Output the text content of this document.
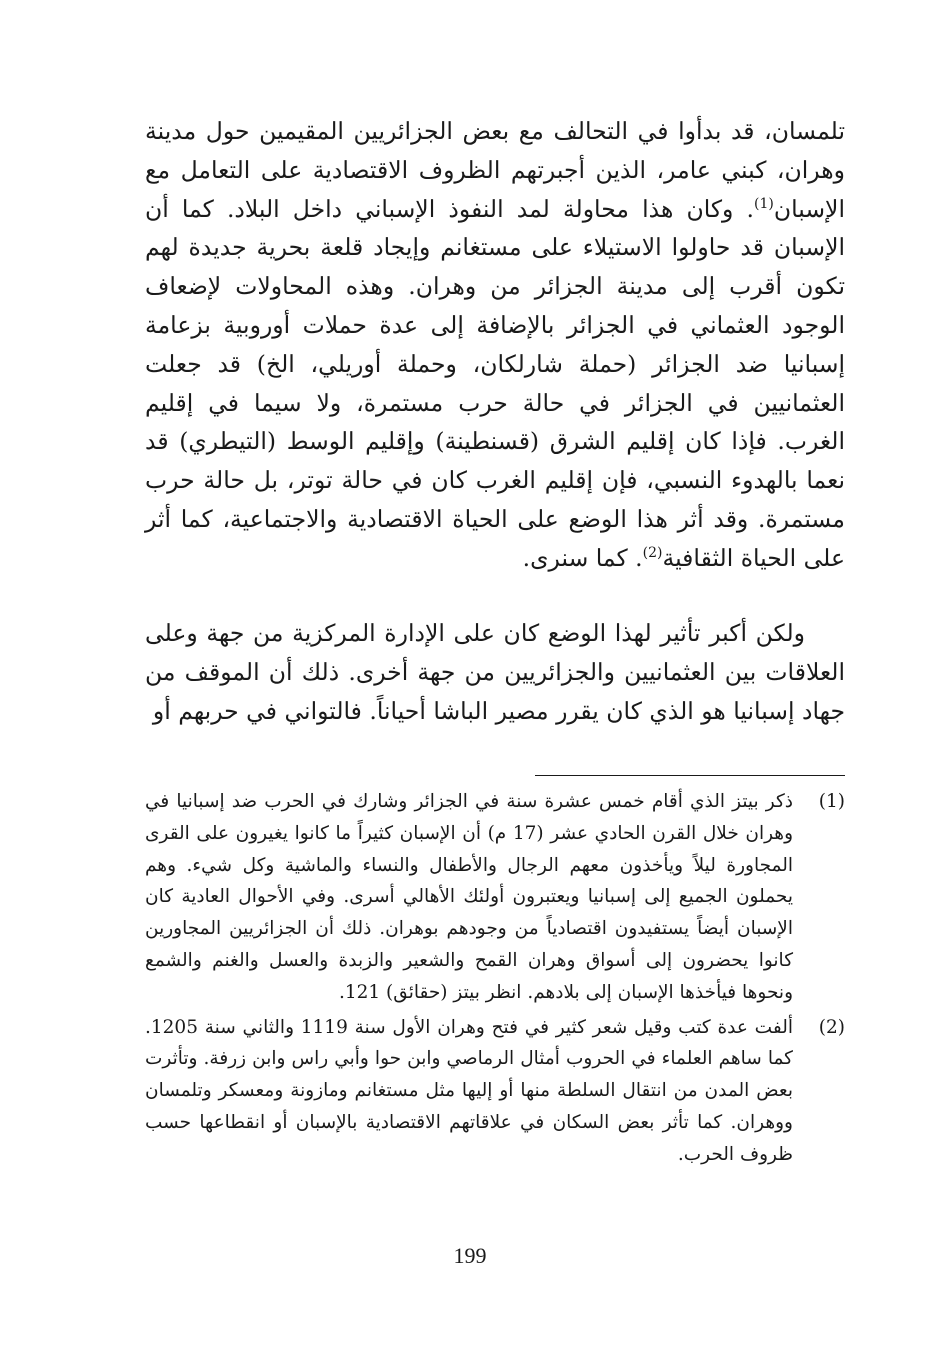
تلمسان، قد بدأوا في التحالف مع بعض الجزائريين المقيمين حول مدينة وهران، كبني عامر، الذين أجبرتهم الظروف الاقتصادية على التعامل مع الإسبان$^{(1)}$. وكان هذا محاولة لمد النفوذ الإسباني داخل البلاد. كما أن الإسبان قد حاولوا الاستيلاء على مستغانم وإيجاد قلعة بحرية جديدة لهم تكون أقرب إلى مدينة الجزائر من وهران. وهذه المحاولات لإضعاف الوجود العثماني في الجزائر بالإضافة إلى عدة حملات أوروبية بزعامة إسبانيا ضد الجزائر (حملة شارلكان، وحملة أوريلي، الخ) قد جعلت العثمانيين في الجزائر في حالة حرب مستمرة، ولا سيما في إقليم الغرب. فإذا كان إقليم الشرق (قسنطينة) وإقليم الوسط (التيطري) قد نعما بالهدوء النسبي، فإن إقليم الغرب كان في حالة توتر، بل حالة حرب مستمرة. وقد أثر هذا الوضع على الحياة الاقتصادية والاجتماعية، كما أثر على الحياة الثقافية$^{(2)}$. كما سنرى.

ولكن أكبر تأثير لهذا الوضع كان على الإدارة المركزية من جهة وعلى العلاقات بين العثمانيين والجزائريين من جهة أخرى. ذلك أن الموقف من جهاد إسبانيا هو الذي كان يقرر مصير الباشا أحياناً. فالتواني في حربهم أو

(1)
ذكر بيتز الذي أقام خمس عشرة سنة في الجزائر وشارك في الحرب ضد إسبانيا في وهران خلال القرن الحادي عشر (17 م) أن الإسبان كثيراً ما كانوا يغيرون على القرى المجاورة ليلاً ويأخذون معهم الرجال والأطفال والنساء والماشية وكل شيء. وهم يحملون الجميع إلى إسبانيا ويعتبرون أولئك الأهالي أسرى. وفي الأحوال العادية كان الإسبان أيضاً يستفيدون اقتصادياً من وجودهم بوهران. ذلك أن الجزائريين المجاورين كانوا يحضرون إلى أسواق وهران القمح والشعير والزبدة والعسل والغنم والشمع ونحوها فيأخذها الإسبان إلى بلادهم. انظر بيتز (حقائق) 121.
(2)
ألفت عدة كتب وقيل شعر كثير في فتح وهران الأول سنة 1119 والثاني سنة 1205. كما ساهم العلماء في الحروب أمثال الرماصي وابن حوا وأبي راس وابن زرفة. وتأثرت بعض المدن من انتقال السلطة منها أو إليها مثل مستغانم ومازونة ومعسكر وتلمسان ووهران. كما تأثر بعض السكان في علاقاتهم الاقتصادية بالإسبان أو انقطاعها حسب ظروف الحرب.
199
